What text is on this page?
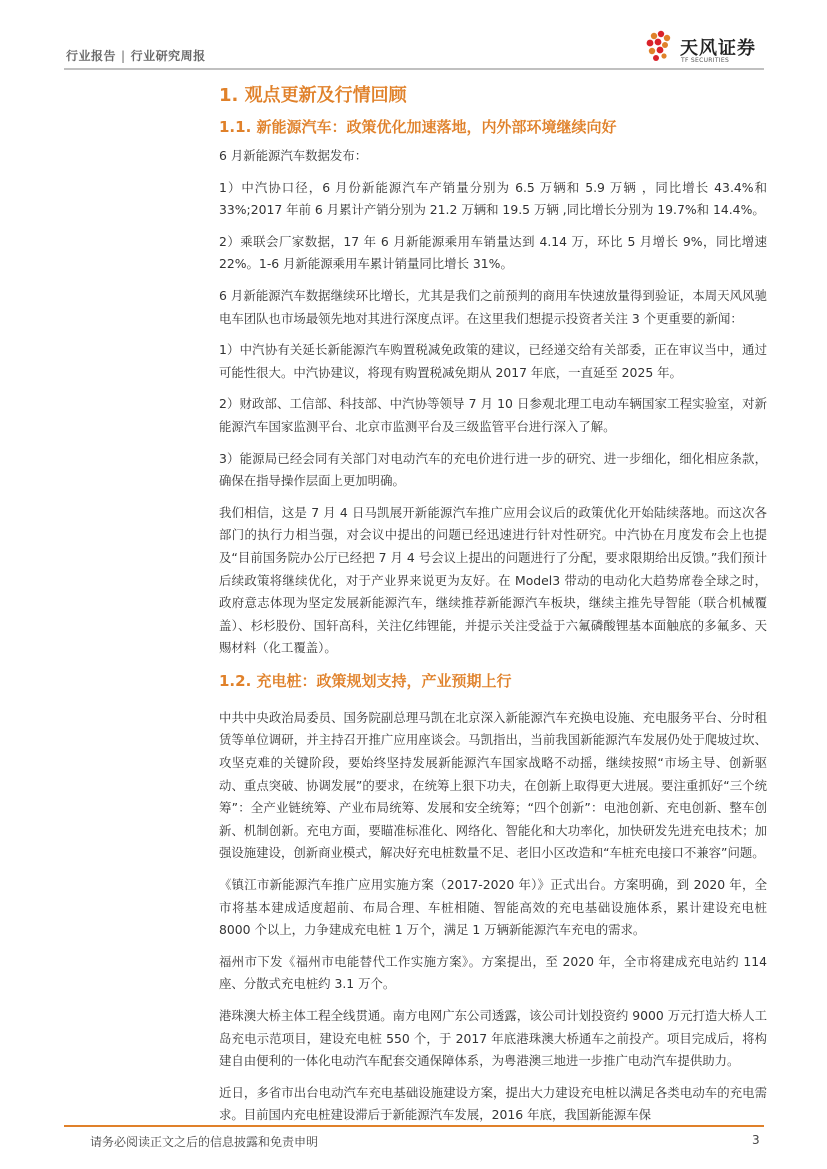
行业报告 | 行业研究周报	天风证券
TF SECURITIES
1. 观点更新及行情回顾
1.1. 新能源汽车：政策优化加速落地，内外部环境继续向好

6 月新能源汽车数据发布：

1）中汽协口径，6 月份新能源汽车产销量分别为 6.5 万辆和 5.9 万辆 ，同比增长 43.4%和 33%;2017 年前 6 月累计产销分别为 21.2 万辆和 19.5 万辆 ,同比增长分别为 19.7%和 14.4%。

2）乘联会厂家数据，17 年 6 月新能源乘用车销量达到 4.14 万，环比 5 月增长 9%，同比增速 22%。1-6 月新能源乘用车累计销量同比增长 31%。

6 月新能源汽车数据继续环比增长，尤其是我们之前预判的商用车快速放量得到验证，本周天风风驰电车团队也市场最领先地对其进行深度点评。在这里我们想提示投资者关注 3 个更重要的新闻：

1）中汽协有关延长新能源汽车购置税减免政策的建议，已经递交给有关部委，正在审议当中，通过可能性很大。中汽协建议，将现有购置税减免期从 2017 年底，一直延至 2025 年。

2）财政部、工信部、科技部、中汽协等领导 7 月 10 日参观北理工电动车辆国家工程实验室，对新能源汽车国家监测平台、北京市监测平台及三级监管平台进行深入了解。

3）能源局已经会同有关部门对电动汽车的充电价进行进一步的研究、进一步细化，细化相应条款，确保在指导操作层面上更加明确。

我们相信，这是 7 月 4 日马凯展开新能源汽车推广应用会议后的政策优化开始陆续落地。而这次各部门的执行力相当强，对会议中提出的问题已经迅速进行针对性研究。中汽协在月度发布会上也提及“目前国务院办公厅已经把 7 月 4 号会议上提出的问题进行了分配，要求限期给出反馈。”我们预计后续政策将继续优化，对于产业界来说更为友好。在 Model3 带动的电动化大趋势席卷全球之时，政府意志体现为坚定发展新能源汽车，继续推荐新能源汽车板块，继续主推先导智能（联合机械覆盖）、杉杉股份、国轩高科，关注亿纬锂能，并提示关注受益于六氟磷酸锂基本面触底的多氟多、天赐材料（化工覆盖）。

1.2. 充电桩：政策规划支持，产业预期上行

中共中央政治局委员、国务院副总理马凯在北京深入新能源汽车充换电设施、充电服务平台、分时租赁等单位调研，并主持召开推广应用座谈会。马凯指出，当前我国新能源汽车发展仍处于爬坡过坎、攻坚克难的关键阶段，要始终坚持发展新能源汽车国家战略不动摇，继续按照“市场主导、创新驱动、重点突破、协调发展”的要求，在统筹上狠下功夫，在创新上取得更大进展。要注重抓好“三个统筹”：全产业链统筹、产业布局统筹、发展和安全统筹；“四个创新”：电池创新、充电创新、整车创新、机制创新。充电方面，要瞄准标准化、网络化、智能化和大功率化，加快研发先进充电技术；加强设施建设，创新商业模式，解决好充电桩数量不足、老旧小区改造和“车桩充电接口不兼容”问题。

《镇江市新能源汽车推广应用实施方案（2017-2020 年）》正式出台。方案明确，到 2020 年，全市将基本建成适度超前、布局合理、车桩相随、智能高效的充电基础设施体系，累计建设充电桩 8000 个以上，力争建成充电桩 1 万个，满足 1 万辆新能源汽车充电的需求。

福州市下发《福州市电能替代工作实施方案》。方案提出，至 2020 年，全市将建成充电站约 114 座、分散式充电桩约 3.1 万个。

港珠澳大桥主体工程全线贯通。南方电网广东公司透露，该公司计划投资约 9000 万元打造大桥人工岛充电示范项目，建设充电桩 550 个，于 2017 年底港珠澳大桥通车之前投产。项目完成后，将构建自由便利的一体化电动汽车配套交通保障体系，为粤港澳三地进一步推广电动汽车提供助力。

近日，多省市出台电动汽车充电基础设施建设方案，提出大力建设充电桩以满足各类电动车的充电需求。目前国内充电桩建设滞后于新能源汽车发展，2016 年底，我国新能源车保

请务必阅读正文之后的信息披露和免责申明	3
